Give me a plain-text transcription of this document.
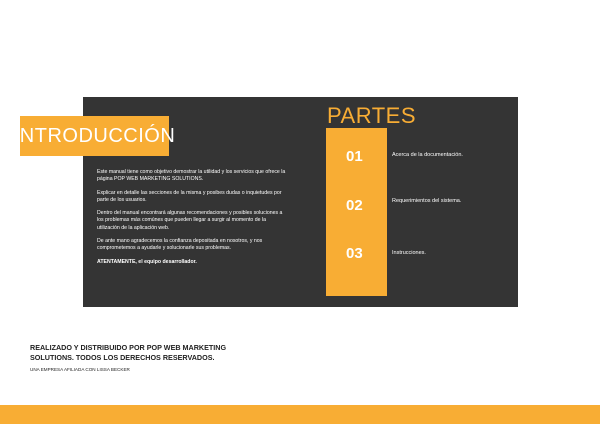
INTRODUCCIÓN

Este manual tiene como objetivo demostrar la utilidad y los servicios que ofrece la página POP WEB MARKETING SOLUTIONS.

Explicar en detalle las secciones de la misma y posibes dudas o inquietudes por parte de los usuarios.

Dentro del manual encontrará algunas recomendaciones y posibles soluciones a los problemas más comúnes que pueden llegar a surgir al momento de la utilización de la aplicación web.

De ante mano agradecemos la confianza depositada en nosotros, y nos comprometemos a ayudarle y solucionarle sus problemas.

ATENTAMENTE, el equipo desarrollador.

PARTES
01	Acerca de la documentación.
02	Requerimientos del sistema.
03	Instrucciones.
REALIZADO Y DISTRIBUIDO POR POP WEB MARKETING SOLUTIONS. TODOS LOS DERECHOS RESERVADOS.
UNA EMPRESA AFILIADA CON LISSA BECKER
